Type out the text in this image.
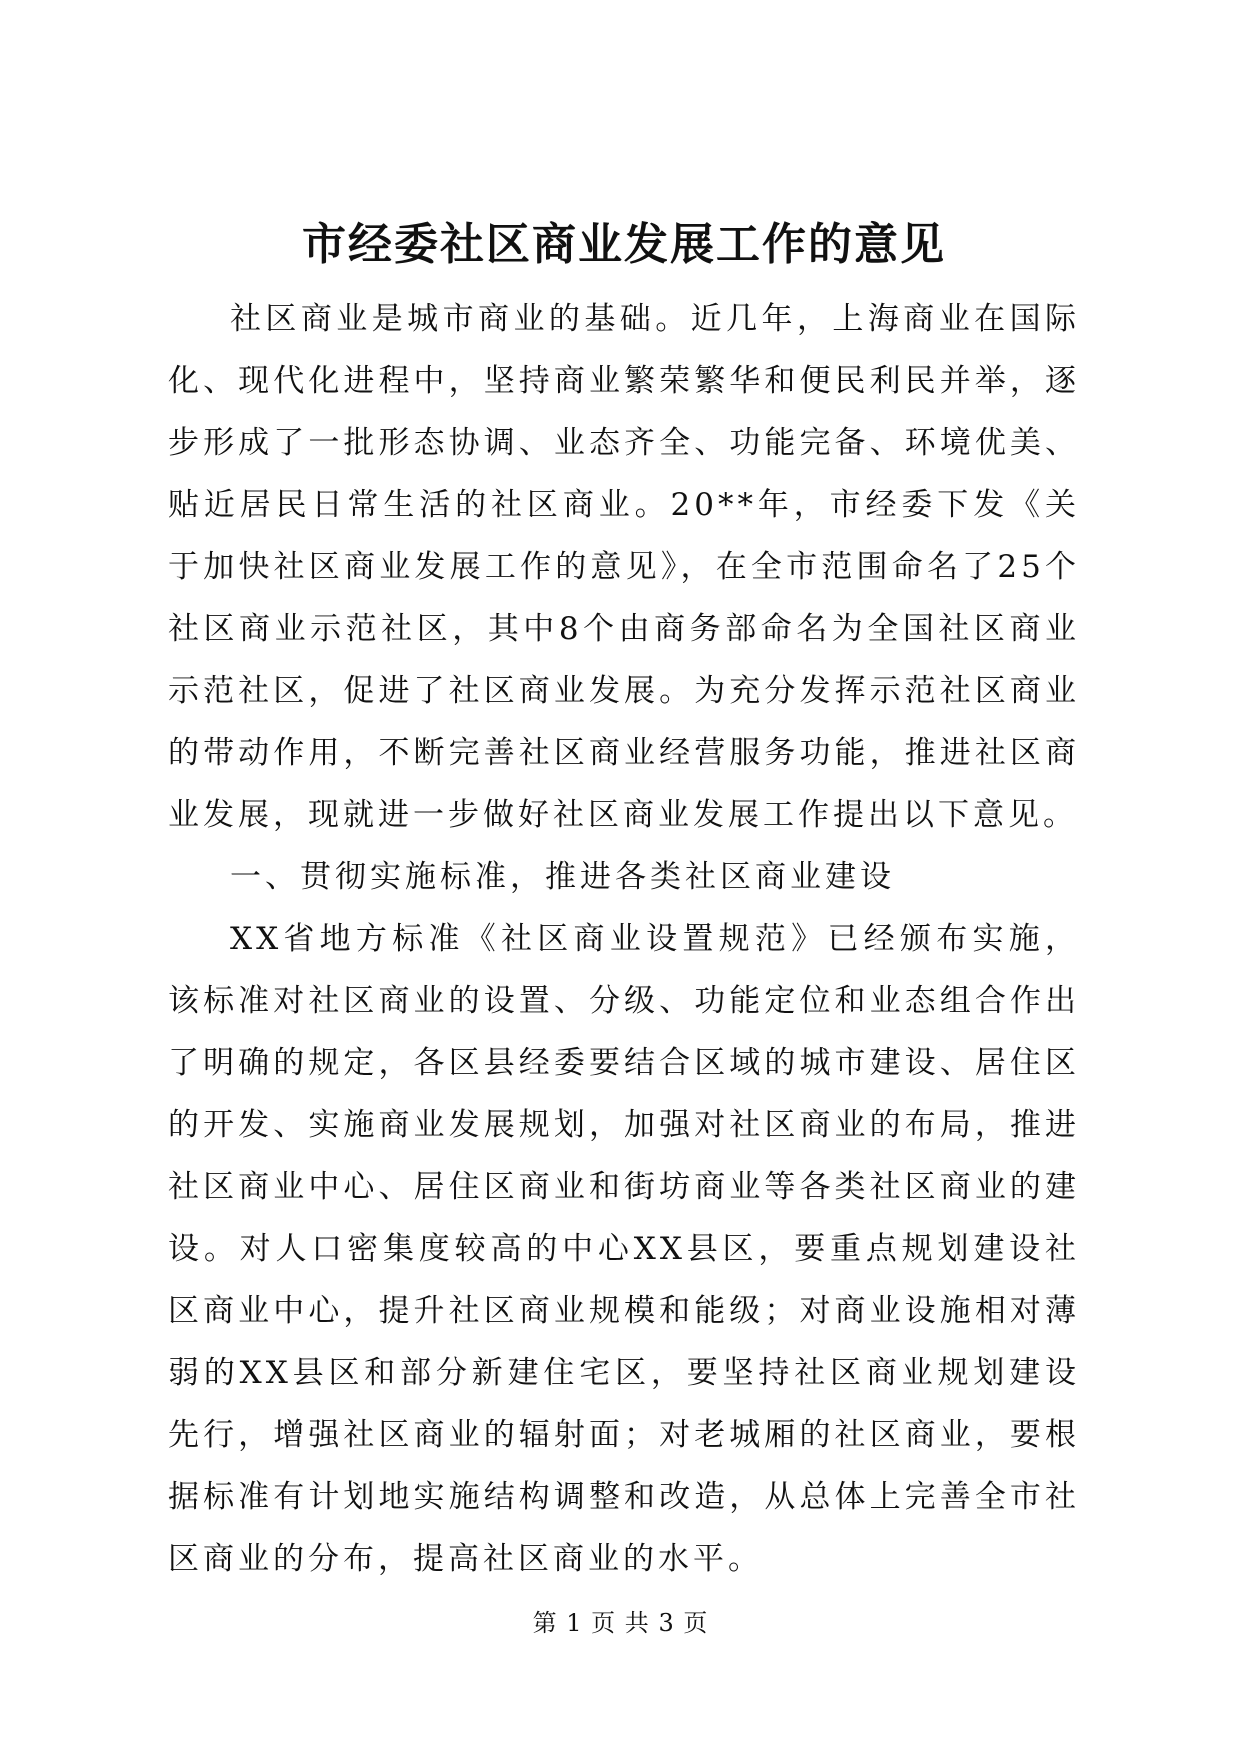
市经委社区商业发展工作的意见

社区商业是城市商业的基础。近几年，上海商业在国际化、现代化进程中，坚持商业繁荣繁华和便民利民并举，逐步形成了一批形态协调、业态齐全、功能完备、环境优美、贴近居民日常生活的社区商业。20**年，市经委下发《关于加快社区商业发展工作的意见》，在全市范围命名了25个社区商业示范社区，其中8个由商务部命名为全国社区商业示范社区，促进了社区商业发展。为充分发挥示范社区商业的带动作用，不断完善社区商业经营服务功能，推进社区商业发展，现就进一步做好社区商业发展工作提出以下意见。

一、贯彻实施标准，推进各类社区商业建设

XX省地方标准《社区商业设置规范》已经颁布实施，该标准对社区商业的设置、分级、功能定位和业态组合作出了明确的规定，各区县经委要结合区域的城市建设、居住区的开发、实施商业发展规划，加强对社区商业的布局，推进社区商业中心、居住区商业和街坊商业等各类社区商业的建设。对人口密集度较高的中心XX县区，要重点规划建设社区商业中心，提升社区商业规模和能级；对商业设施相对薄弱的XX县区和部分新建住宅区，要坚持社区商业规划建设先行，增强社区商业的辐射面；对老城厢的社区商业，要根据标准有计划地实施结构调整和改造，从总体上完善全市社区商业的分布，提高社区商业的水平。

第 1 页 共 3 页
